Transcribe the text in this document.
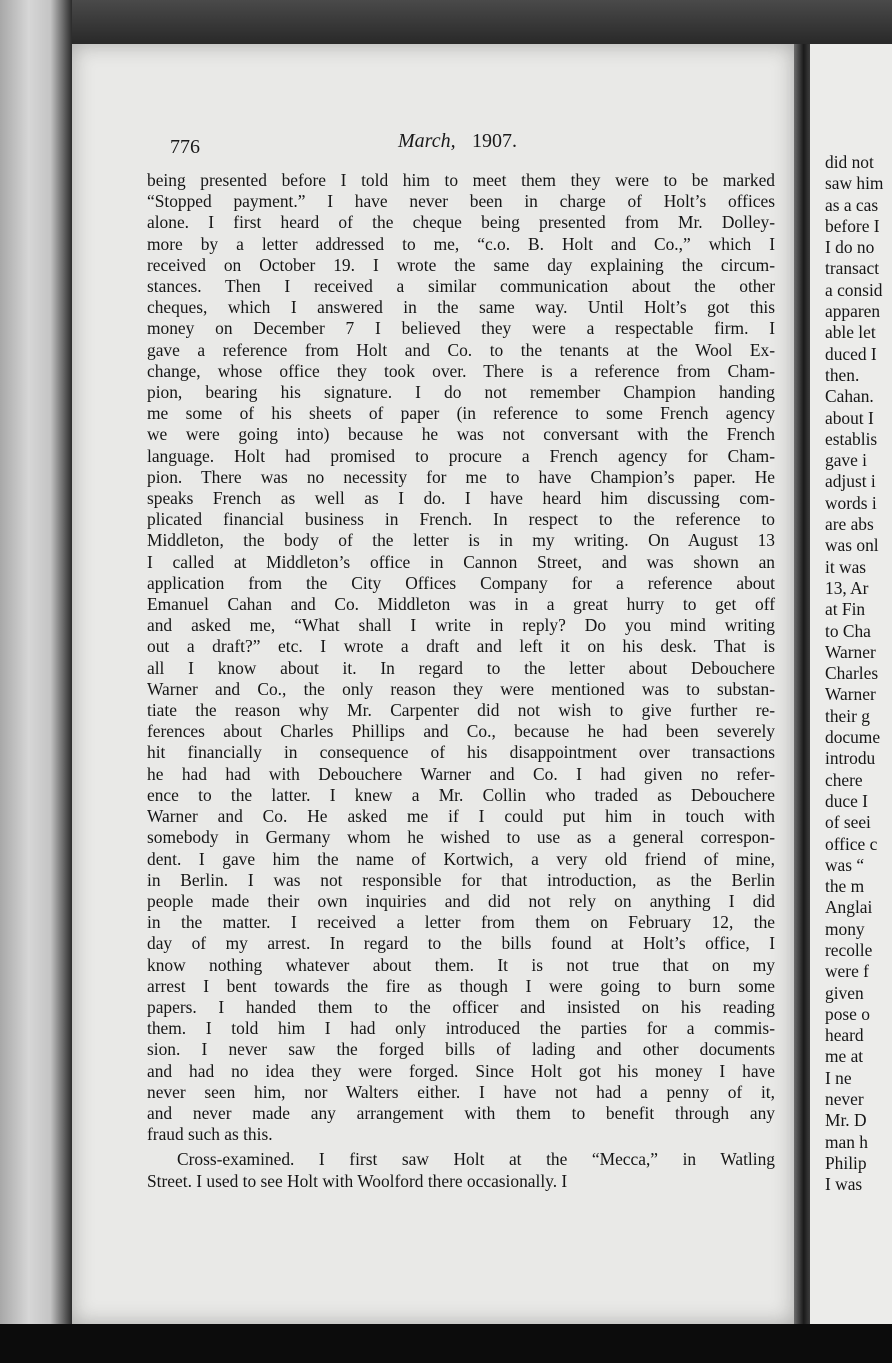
776	March, 1907.
being presented before I told him to meet them they were to be marked
“Stopped payment.” I have never been in charge of Holt’s offices
alone. I first heard of the cheque being presented from Mr. Dolley-
more by a letter addressed to me, “c.o. B. Holt and Co.,” which I
received on October 19. I wrote the same day explaining the circum-
stances. Then I received a similar communication about the other
cheques, which I answered in the same way. Until Holt’s got this
money on December 7 I believed they were a respectable firm. I
gave a reference from Holt and Co. to the tenants at the Wool Ex-
change, whose office they took over. There is a reference from Cham-
pion, bearing his signature. I do not remember Champion handing
me some of his sheets of paper (in reference to some French agency
we were going into) because he was not conversant with the French
language. Holt had promised to procure a French agency for Cham-
pion. There was no necessity for me to have Champion’s paper. He
speaks French as well as I do. I have heard him discussing com-
plicated financial business in French. In respect to the reference to
Middleton, the body of the letter is in my writing. On August 13
I called at Middleton’s office in Cannon Street, and was shown an
application from the City Offices Company for a reference about
Emanuel Cahan and Co. Middleton was in a great hurry to get off
and asked me, “What shall I write in reply? Do you mind writing
out a draft?” etc. I wrote a draft and left it on his desk. That is
all I know about it. In regard to the letter about Debouchere
Warner and Co., the only reason they were mentioned was to substan-
tiate the reason why Mr. Carpenter did not wish to give further re-
ferences about Charles Phillips and Co., because he had been severely
hit financially in consequence of his disappointment over transactions
he had had with Debouchere Warner and Co. I had given no refer-
ence to the latter. I knew a Mr. Collin who traded as Debouchere
Warner and Co. He asked me if I could put him in touch with
somebody in Germany whom he wished to use as a general correspon-
dent. I gave him the name of Kortwich, a very old friend of mine,
in Berlin. I was not responsible for that introduction, as the Berlin
people made their own inquiries and did not rely on anything I did
in the matter. I received a letter from them on February 12, the
day of my arrest. In regard to the bills found at Holt’s office, I
know nothing whatever about them. It is not true that on my
arrest I bent towards the fire as though I were going to burn some
papers. I handed them to the officer and insisted on his reading
them. I told him I had only introduced the parties for a commis-
sion. I never saw the forged bills of lading and other documents
and had no idea they were forged. Since Holt got his money I have
never seen him, nor Walters either. I have not had a penny of it,
and never made any arrangement with them to benefit through any
fraud such as this.
Cross-examined. I first saw Holt at the “Mecca,” in Watling
Street. I used to see Holt with Woolford there occasionally. I
did not
saw him
as a cas
before I
I do no
transact
a consid
apparen
able let
duced I
then.
Cahan.
about I
establis
gave i
adjust i
words i
are abs
was onl
it was
13, Ar
at Fin
to Cha
Warner
Charles
Warner
their g
docume
introdu
chere
duce I
of seei
office c
was “
the m
Anglai
mony
recolle
were f
given
pose o
heard
me at
I ne
never
Mr. D
man h
Philip
I was
